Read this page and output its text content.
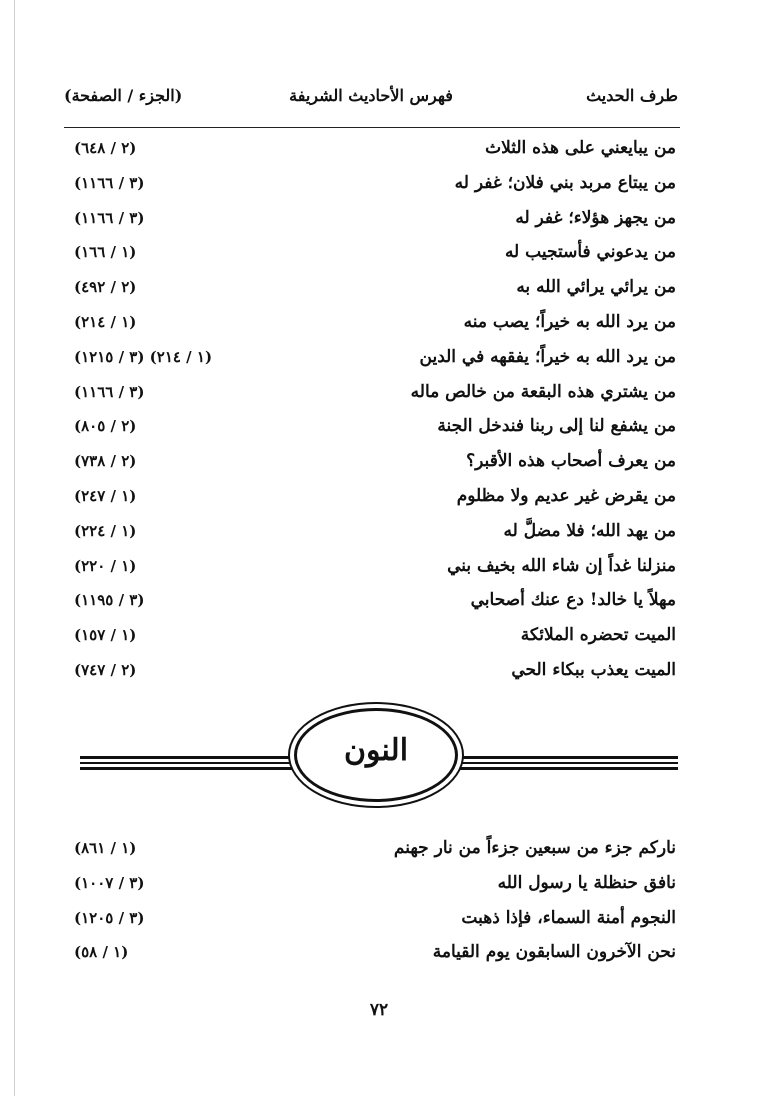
طرف الحديث
فهرس الأحاديث الشريفة
(الجزء / الصفحة)
من يبايعني على هذه الثلاث
(٢ / ٦٤٨)
من يبتاع مربد بني فلان؛ غفر له
(٣ / ١١٦٦)
من يجهز هؤلاء؛ غفر له
(٣ / ١١٦٦)
من يدعوني فأستجيب له
(١ / ١٦٦)
من يرائي يرائي الله به
(٢ / ٤٩٢)
من يرد الله به خيراً؛ يصب منه
(١ / ٢١٤)
من يرد الله به خيراً؛ يفقهه في الدين
(١ / ٢١٤) (٣ / ١٢١٥)
من يشتري هذه البقعة من خالص ماله
(٣ / ١١٦٦)
من يشفع لنا إلى ربنا فندخل الجنة
(٢ / ٨٠٥)
من يعرف أصحاب هذه الأقبر؟
(٢ / ٧٣٨)
من يقرض غير عديم ولا مظلوم
(١ / ٢٤٧)
من يهد الله؛ فلا مضلَّ له
(١ / ٢٢٤)
منزلنا غداً إن شاء الله بخيف بني
(١ / ٢٢٠)
مهلاً يا خالد! دع عنك أصحابي
(٣ / ١١٩٥)
الميت تحضره الملائكة
(١ / ١٥٧)
الميت يعذب ببكاء الحي
(٢ / ٧٤٧)
النون
ناركم جزء من سبعين جزءاً من نار جهنم
(١ / ٨٦١)
نافق حنظلة يا رسول الله
(٣ / ١٠٠٧)
النجوم أمنة السماء، فإذا ذهبت
(٣ / ١٢٠٥)
نحن الآخرون السابقون يوم القيامة
(١ / ٥٨)
٧٢
